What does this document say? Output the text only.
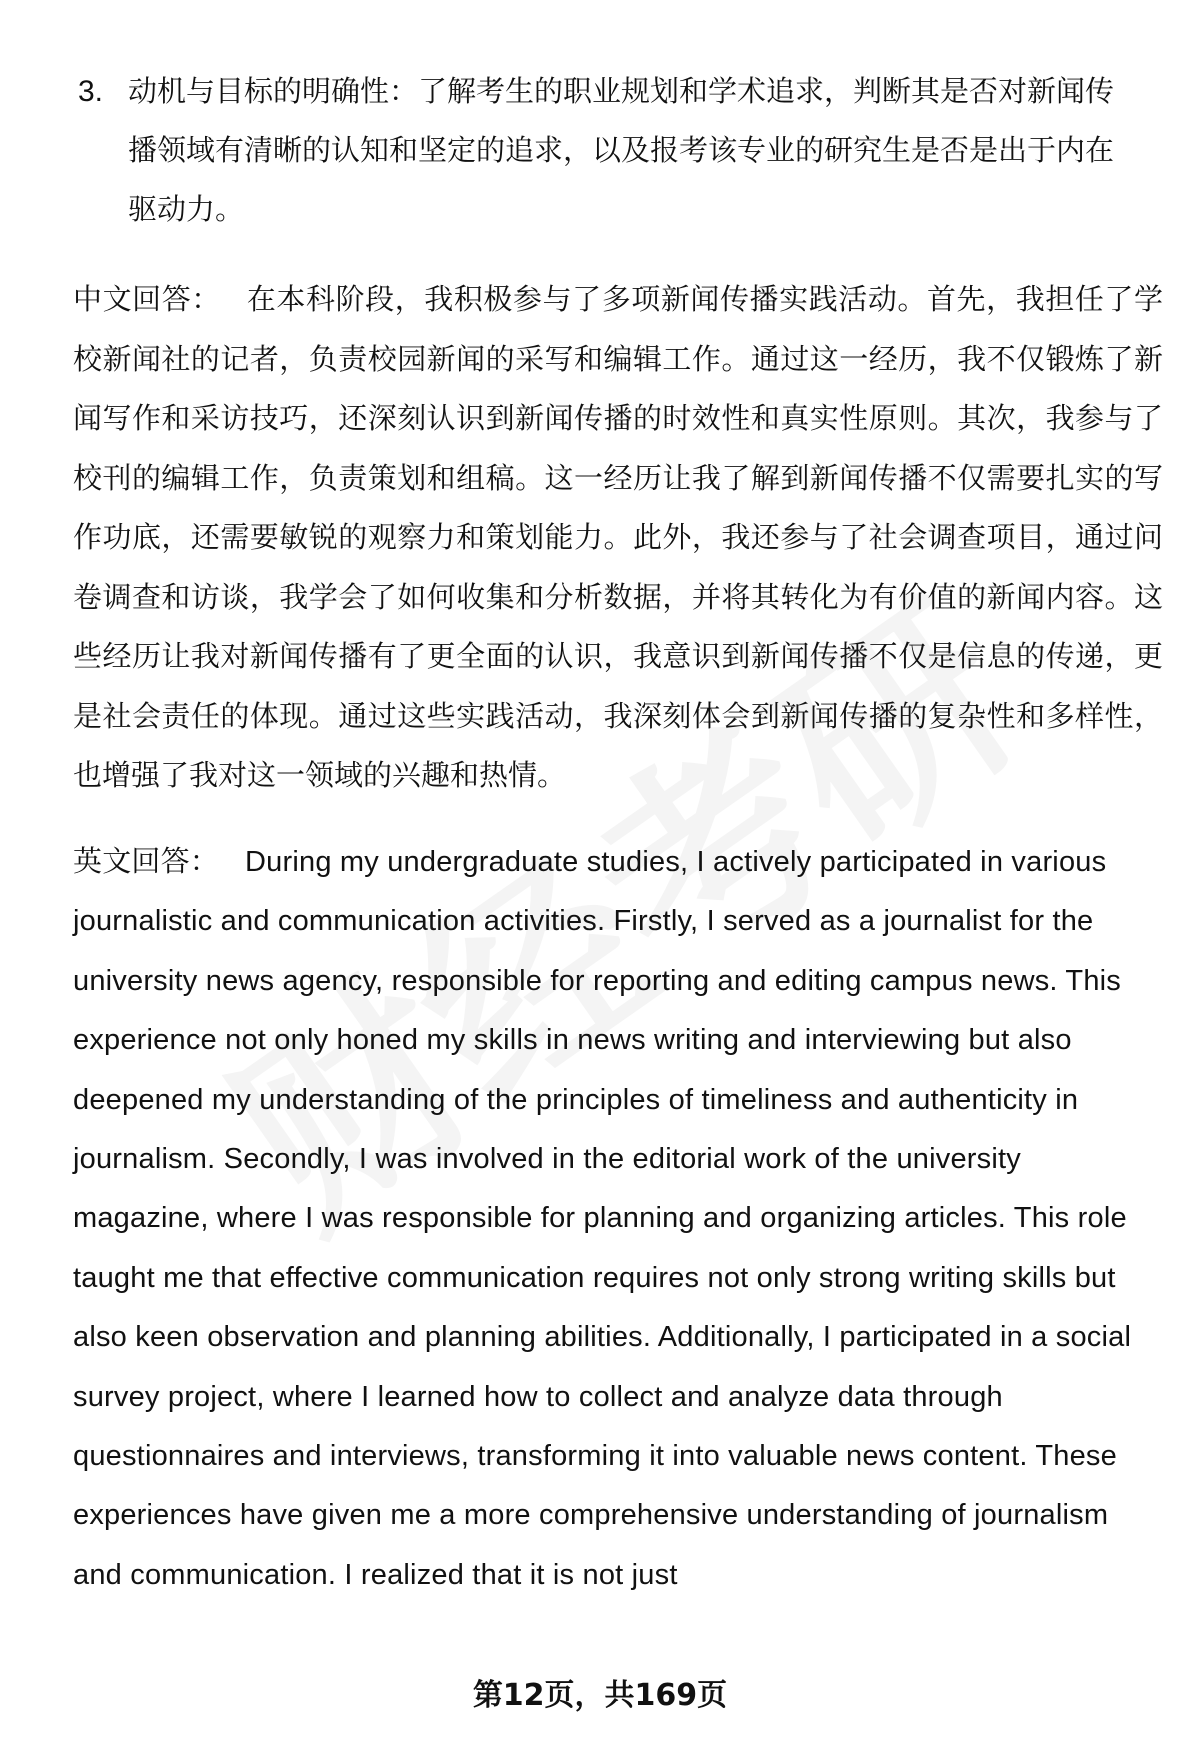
3. 动机与目标的明确性：了解考生的职业规划和学术追求，判断其是否对新闻传播领域有清晰的认知和坚定的追求，以及报考该专业的研究生是否是出于内在驱动力。
中文回答： 在本科阶段，我积极参与了多项新闻传播实践活动。首先，我担任了学校新闻社的记者，负责校园新闻的采写和编辑工作。通过这一经历，我不仅锻炼了新闻写作和采访技巧，还深刻认识到新闻传播的时效性和真实性原则。其次，我参与了校刊的编辑工作，负责策划和组稿。这一经历让我了解到新闻传播不仅需要扎实的写作功底，还需要敏锐的观察力和策划能力。此外，我还参与了社会调查项目，通过问卷调查和访谈，我学会了如何收集和分析数据，并将其转化为有价值的新闻内容。这些经历让我对新闻传播有了更全面的认识，我意识到新闻传播不仅是信息的传递，更是社会责任的体现。通过这些实践活动，我深刻体会到新闻传播的复杂性和多样性，也增强了我对这一领域的兴趣和热情。
英文回答： During my undergraduate studies, I actively participated in various journalistic and communication activities. Firstly, I served as a journalist for the university news agency, responsible for reporting and editing campus news. This experience not only honed my skills in news writing and interviewing but also deepened my understanding of the principles of timeliness and authenticity in journalism. Secondly, I was involved in the editorial work of the university magazine, where I was responsible for planning and organizing articles. This role taught me that effective communication requires not only strong writing skills but also keen observation and planning abilities. Additionally, I participated in a social survey project, where I learned how to collect and analyze data through questionnaires and interviews, transforming it into valuable news content. These experiences have given me a more comprehensive understanding of journalism and communication. I realized that it is not just
第12页，共169页
